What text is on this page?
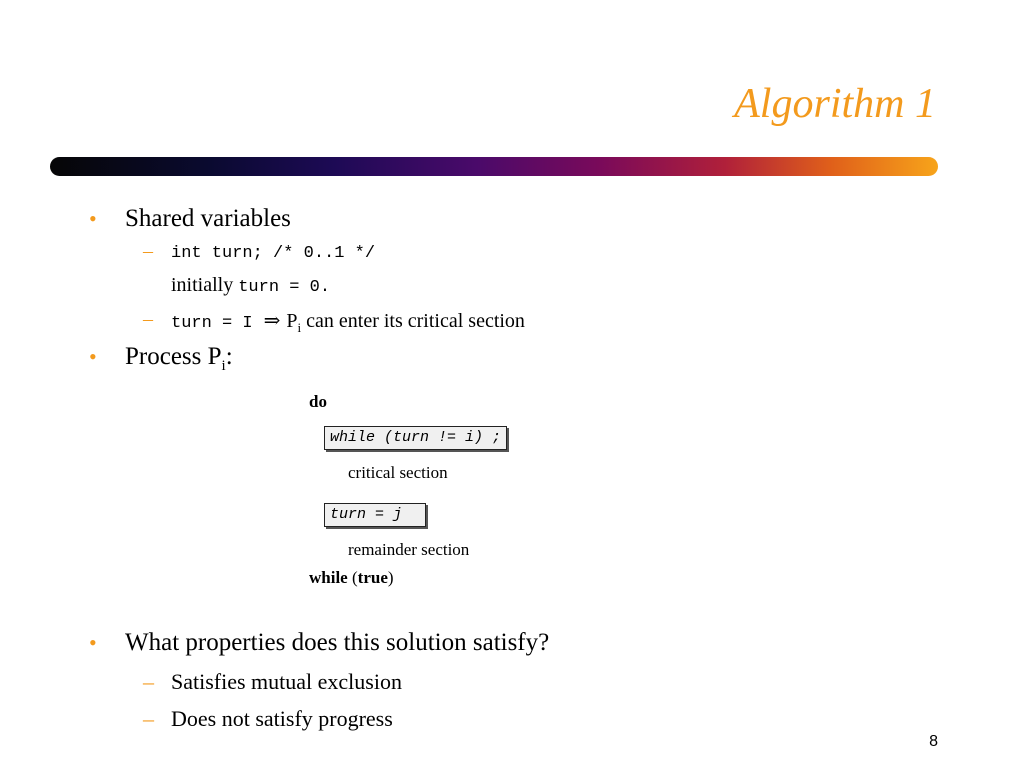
Algorithm 1
• Shared variables
– int turn; /* 0..1 */
initially turn = 0.
– turn = I ⇒ $P_i$ can enter its critical section
• Process $P_i$:
do
while (turn != i) ;
critical section
turn = j
remainder section
while (true)
• What properties does this solution satisfy?
– Satisfies mutual exclusion
– Does not satisfy progress
8
